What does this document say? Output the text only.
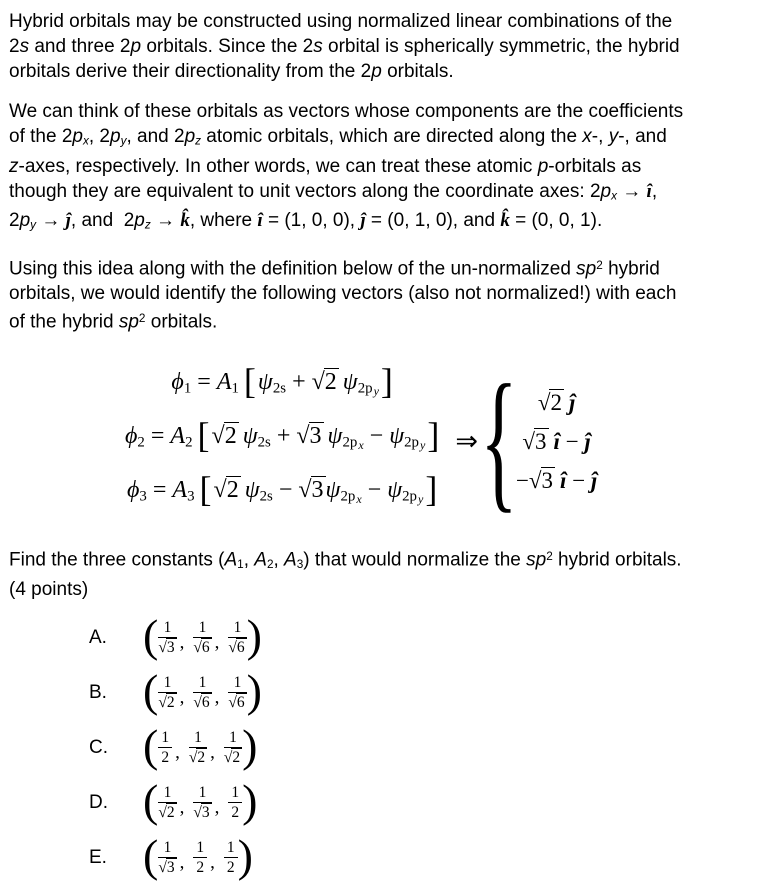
Hybrid orbitals may be constructed using normalized linear combinations of the
2s and three 2p orbitals. Since the 2s orbital is spherically symmetric, the hybrid
orbitals derive their directionality from the 2p orbitals.

We can think of these orbitals as vectors whose components are the coefficients
of the 2px, 2py, and 2pz atomic orbitals, which are directed along the x-, y-, and
z-axes, respectively. In other words, we can treat these atomic p-orbitals as
though they are equivalent to unit vectors along the coordinate axes: 2px → î,
2py → ĵ, and  2pz → k̂, where î = (1, 0, 0), ĵ = (0, 1, 0), and k̂ = (0, 0, 1).

Using this idea along with the definition below of the un-normalized $sp^2$ hybrid
orbitals, we would identify the following vectors (also not normalized!) with each
of the hybrid $sp^2$ orbitals.

ϕ1 = A1 [ψ2s + √2 $\psi 2p_y$]
ϕ2 = A2 [√2 ψ2s + √3 $\psi 2p_x - \psi 2p_y$]
ϕ3 = A3 [√2 $\psi 2s - √3\psi 2p_x - \psi 2p_y$]
⇒ { √2 ĵ
√3 î − ĵ
−√3 î − ĵ

Find the three constants (A1, A2, A3) that would normalize the $sp^2$ hybrid orbitals.
(4 points)

A. ( $\frac{1}{√3}$ , $\frac{1}{√6}$ , $\frac{1}{√6}$ )
B. ( $\frac{1}{√2}$ , $\frac{1}{√6}$ , $\frac{1}{√6}$ )
C. ( $\frac{1}{2}$ , $\frac{1}{√2}$ , $\frac{1}{√2}$ )
D. ( $\frac{1}{√2}$ , $\frac{1}{√3}$ , $\frac{1}{2}$ )
E. ( $\frac{1}{√3}$ , $\frac{1}{2}$ , $\frac{1}{2}$ )
